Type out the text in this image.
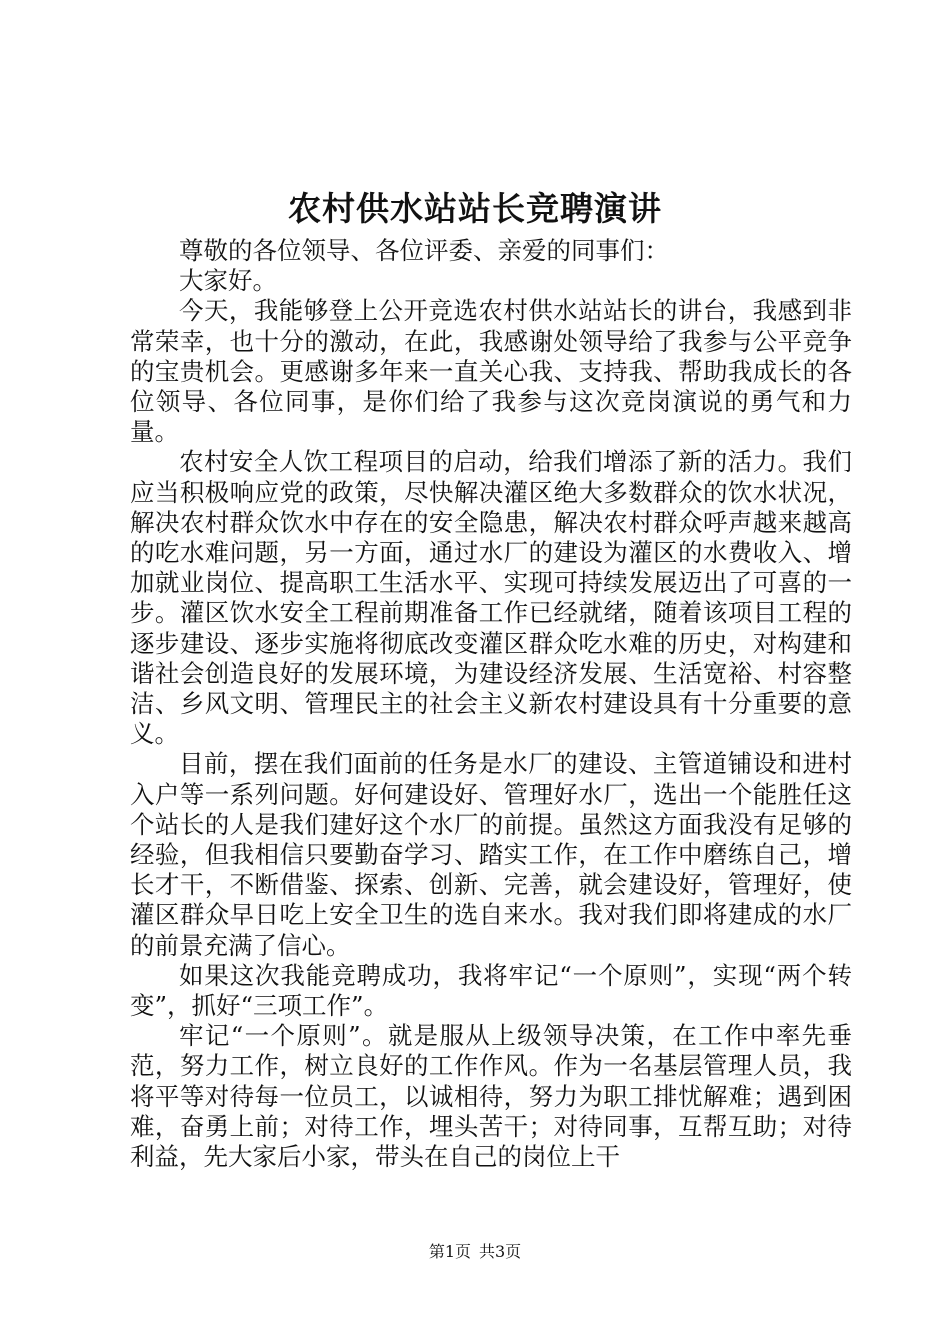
农村供水站站长竞聘演讲

尊敬的各位领导、各位评委、亲爱的同事们：

大家好。

今天，我能够登上公开竞选农村供水站站长的讲台，我感到非常荣幸，也十分的激动，在此，我感谢处领导给了我参与公平竞争的宝贵机会。更感谢多年来一直关心我、支持我、帮助我成长的各位领导、各位同事，是你们给了我参与这次竞岗演说的勇气和力量。

农村安全人饮工程项目的启动，给我们增添了新的活力。我们应当积极响应党的政策，尽快解决灌区绝大多数群众的饮水状况，解决农村群众饮水中存在的安全隐患，解决农村群众呼声越来越高的吃水难问题，另一方面，通过水厂的建设为灌区的水费收入、增加就业岗位、提高职工生活水平、实现可持续发展迈出了可喜的一步。灌区饮水安全工程前期准备工作已经就绪，随着该项目工程的逐步建设、逐步实施将彻底改变灌区群众吃水难的历史，对构建和谐社会创造良好的发展环境，为建设经济发展、生活宽裕、村容整洁、乡风文明、管理民主的社会主义新农村建设具有十分重要的意义。

目前，摆在我们面前的任务是水厂的建设、主管道铺设和进村入户等一系列问题。好何建设好、管理好水厂，选出一个能胜任这个站长的人是我们建好这个水厂的前提。虽然这方面我没有足够的经验，但我相信只要勤奋学习、踏实工作，在工作中磨练自己，增长才干，不断借鉴、探索、创新、完善，就会建设好，管理好，使灌区群众早日吃上安全卫生的选自来水。我对我们即将建成的水厂的前景充满了信心。

如果这次我能竞聘成功，我将牢记“一个原则”，实现“两个转变”，抓好“三项工作”。

牢记“一个原则”。就是服从上级领导决策，在工作中率先垂范，努力工作，树立良好的工作作风。作为一名基层管理人员，我将平等对待每一位员工，以诚相待，努力为职工排忧解难；遇到困难，奋勇上前；对待工作，埋头苦干；对待同事，互帮互助；对待利益，先大家后小家，带头在自己的岗位上干

第1页 共3页
